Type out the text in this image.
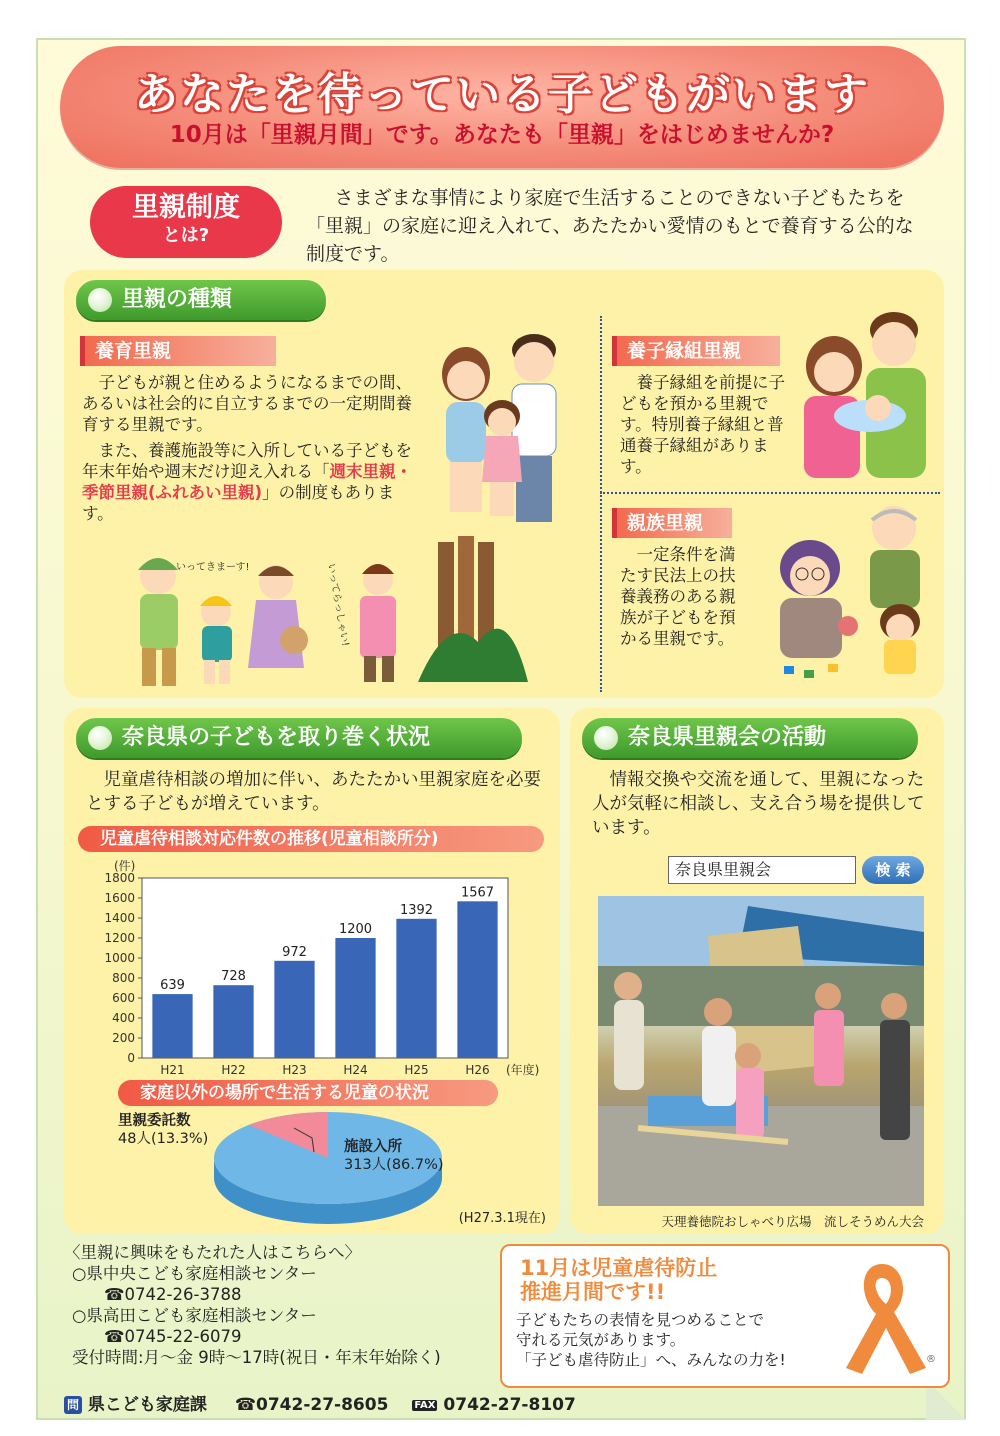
あなたを待っている子どもがいます
10月は「里親月間」です。あなたも「里親」をはじめませんか?
里親制度
とは?
さまざまな事情により家庭で生活することのできない子どもたちを「里親」の家庭に迎え入れて、あたたかい愛情のもとで養育する公的な制度です。
里親の種類
養育里親
子どもが親と住めるようになるまでの間、あるいは社会的に自立するまでの一定期間養育する里親です。
また、養護施設等に入所している子どもを年末年始や週末だけ迎え入れる「週末里親・季節里親(ふれあい里親)」の制度もあります。
いってきまーす!	いってらっしゃい!
養子縁組里親
養子縁組を前提に子どもを預かる里親です。特別養子縁組と普通養子縁組があります。
親族里親
一定条件を満たす民法上の扶養義務のある親族が子どもを預かる里親です。
奈良県の子どもを取り巻く状況
児童虐待相談の増加に伴い、あたたかい里親家庭を必要とする子どもが増えています。
児童虐待相談対応件数の推移(児童相談所分)
(件)
0
200
400
600
800
1000
1200
1400
1600
1800
639
H21
728
H22
972
H23
1200
H24
1392
H25
1567
H26 (年度)
家庭以外の場所で生活する児童の状況
里親委託数
48人(13.3%)	施設入所
313人(86.7%)
(H27.3.1現在)
奈良県里親会の活動
情報交換や交流を通して、里親になった人が気軽に相談し、支え合う場を提供しています。
奈良県里親会	検 索
天理養徳院おしゃべり広場　流しそうめん大会
〈里親に興味をもたれた人はこちらへ〉
○県中央こども家庭相談センター
☎0742-26-3788
○県高田こども家庭相談センター
☎0745-22-6079
受付時間:月～金 9時～17時(祝日・年末年始除く)
11月は児童虐待防止
推進月間です!!
子どもたちの表情を見つめることで
守れる元気があります。
「子ども虐待防止」へ、みんなの力を!	®
問 県こども家庭課 ☎0742-27-8605	FAX 0742-27-8107
